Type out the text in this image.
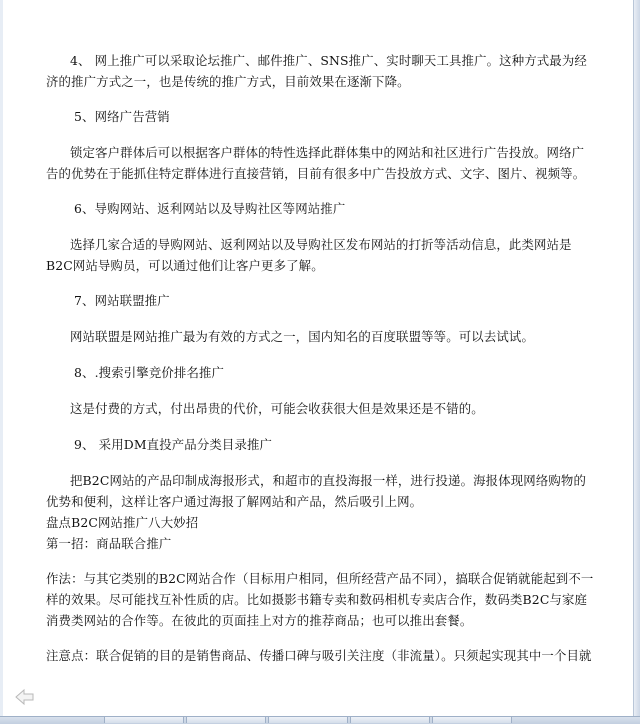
4、 网上推广可以采取论坛推广、邮件推广、SNS推广、实时聊天工具推广。这种方式最为经济的推广方式之一，也是传统的推广方式，目前效果在逐渐下降。

5、网络广告营销

锁定客户群体后可以根据客户群体的特性选择此群体集中的网站和社区进行广告投放。网络广告的优势在于能抓住特定群体进行直接营销，目前有很多中广告投放方式、文字、图片、视频等。

6、导购网站、返利网站以及导购社区等网站推广

选择几家合适的导购网站、返利网站以及导购社区发布网站的打折等活动信息，此类网站是B2C网站导购员，可以通过他们让客户更多了解。

7、网站联盟推广

网站联盟是网站推广最为有效的方式之一，国内知名的百度联盟等等。可以去试试。

8、.搜索引擎竞价排名推广

这是付费的方式，付出昂贵的代价，可能会收获很大但是效果还是不错的。

9、 采用DM直投产品分类目录推广

把B2C网站的产品印制成海报形式，和超市的直投海报一样，进行投递。海报体现网络购物的优势和便利，这样让客户通过海报了解网站和产品，然后吸引上网。

盘点B2C网站推广八大妙招

第一招：商品联合推广

作法：与其它类别的B2C网站合作（目标用户相同，但所经营产品不同），搞联合促销就能起到不一样的效果。尽可能找互补性质的店。比如摄影书籍专卖和数码相机专卖店合作，数码类B2C与家庭消费类网站的合作等。在彼此的页面挂上对方的推荐商品；也可以推出套餐。

注意点：联合促销的目的是销售商品、传播口碑与吸引关注度（非流量）。只须起实现其中一个目就
